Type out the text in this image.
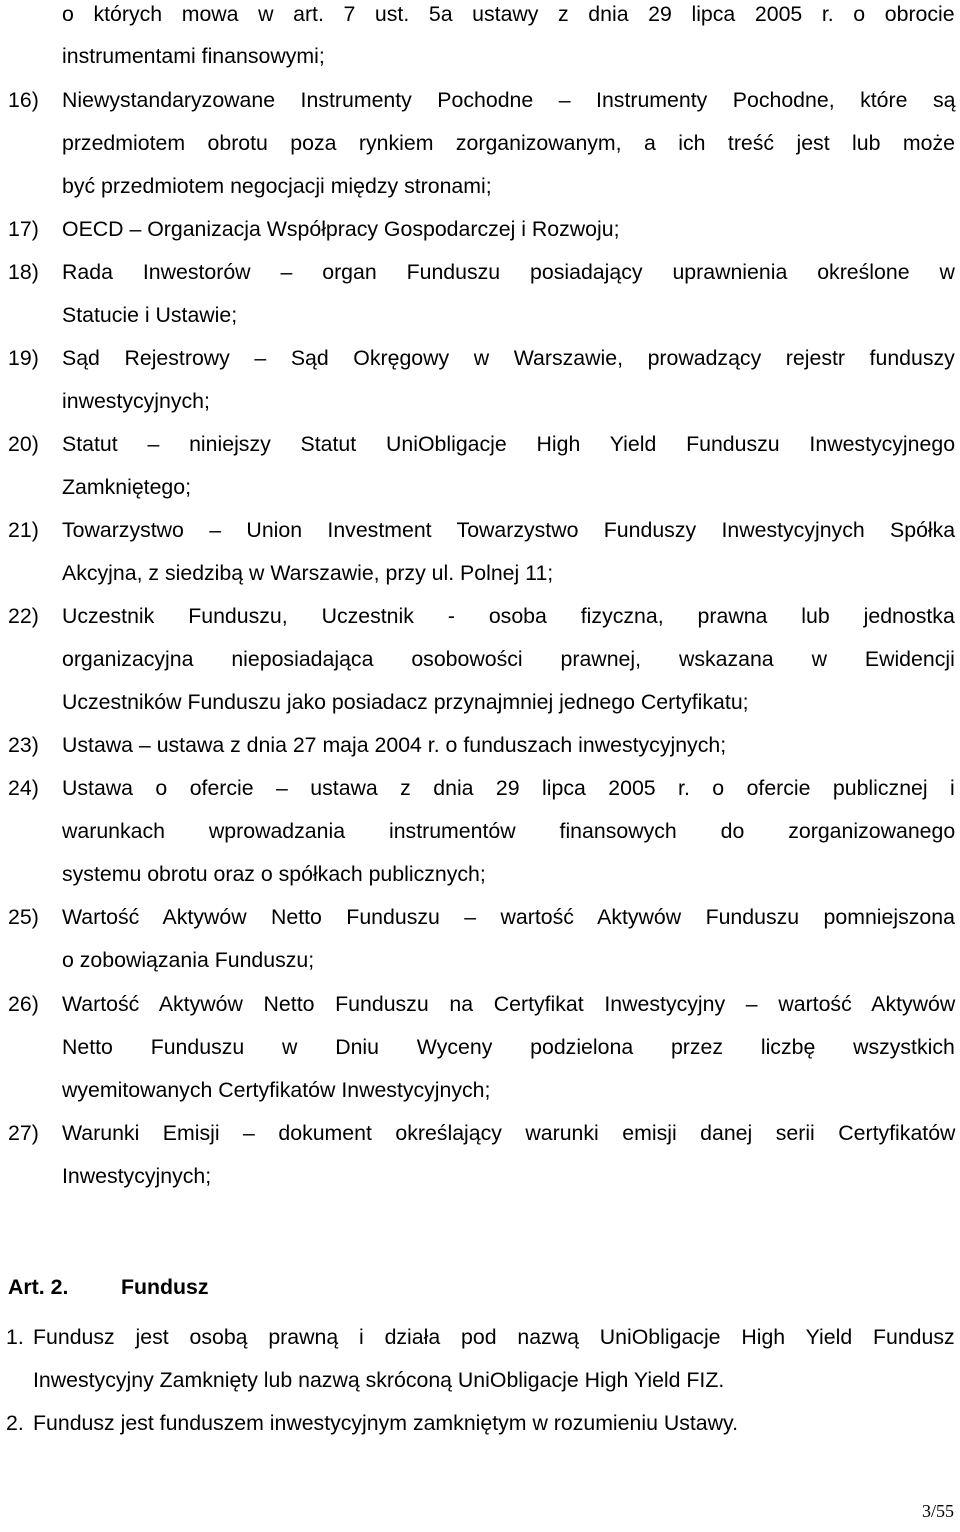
o których mowa w art. 7 ust. 5a ustawy z dnia 29 lipca 2005 r. o obrocie
instrumentami finansowymi;
16) Niewystandaryzowane Instrumenty Pochodne – Instrumenty Pochodne, które są
przedmiotem obrotu poza rynkiem zorganizowanym, a ich treść jest lub może
być przedmiotem negocjacji między stronami;
17) OECD – Organizacja Współpracy Gospodarczej i Rozwoju;
18) Rada Inwestorów – organ Funduszu posiadający uprawnienia określone w
Statucie i Ustawie;
19) Sąd Rejestrowy – Sąd Okręgowy w Warszawie, prowadzący rejestr funduszy
inwestycyjnych;
20) Statut – niniejszy Statut UniObligacje High Yield Funduszu Inwestycyjnego
Zamkniętego;
21) Towarzystwo – Union Investment Towarzystwo Funduszy Inwestycyjnych Spółka
Akcyjna, z siedzibą w Warszawie, przy ul. Polnej 11;
22) Uczestnik Funduszu, Uczestnik - osoba fizyczna, prawna lub jednostka
organizacyjna nieposiadająca osobowości prawnej, wskazana w Ewidencji
Uczestników Funduszu jako posiadacz przynajmniej jednego Certyfikatu;
23) Ustawa – ustawa z dnia 27 maja 2004 r. o funduszach inwestycyjnych;
24) Ustawa o ofercie – ustawa z dnia 29 lipca 2005 r. o ofercie publicznej i
warunkach wprowadzania instrumentów finansowych do zorganizowanego
systemu obrotu oraz o spółkach publicznych;
25) Wartość Aktywów Netto Funduszu – wartość Aktywów Funduszu pomniejszona
o zobowiązania Funduszu;
26) Wartość Aktywów Netto Funduszu na Certyfikat Inwestycyjny – wartość Aktywów
Netto Funduszu w Dniu Wyceny podzielona przez liczbę wszystkich
wyemitowanych Certyfikatów Inwestycyjnych;
27) Warunki Emisji – dokument określający warunki emisji danej serii Certyfikatów
Inwestycyjnych;
Art. 2. Fundusz
1. Fundusz jest osobą prawną i działa pod nazwą UniObligacje High Yield Fundusz
Inwestycyjny Zamknięty lub nazwą skróconą UniObligacje High Yield FIZ.
2. Fundusz jest funduszem inwestycyjnym zamkniętym w rozumieniu Ustawy.
3/55
